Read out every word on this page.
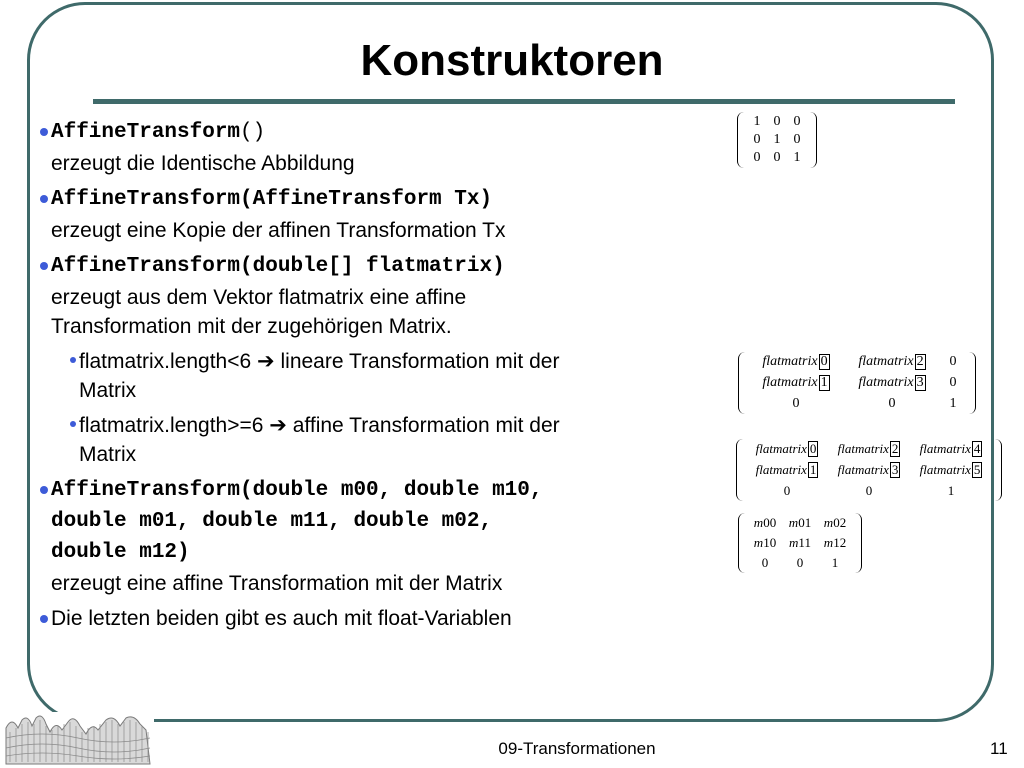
Konstruktoren
AffineTransform()
erzeugt die Identische Abbildung
AffineTransform(AffineTransform Tx)
erzeugt eine Kopie der affinen Transformation Tx
AffineTransform(double[] flatmatrix)
erzeugt aus dem Vektor flatmatrix eine affine
Transformation mit der zugehörigen Matrix.
flatmatrix.length<6 ➔ lineare Transformation mit der
Matrix
flatmatrix.length>=6 ➔ affine Transformation mit der
Matrix
AffineTransform(double m00, double m10,
double m01, double m11, double m02,
double m12)
erzeugt eine affine Transformation mit der Matrix
Die letzten beiden gibt es auch mit float-Variablen
1 0 0
0 1 0
0 0 1
flatmatrix 0	flatmatrix 2	0
flatmatrix 1	flatmatrix 3	0
0	0	1
flatmatrix 0	flatmatrix 2	flatmatrix 4
flatmatrix 1	flatmatrix 3	flatmatrix 5
0	0	1
m00 m01 m02
m10 m11 m12
0	0	1
09-Transformationen	11
